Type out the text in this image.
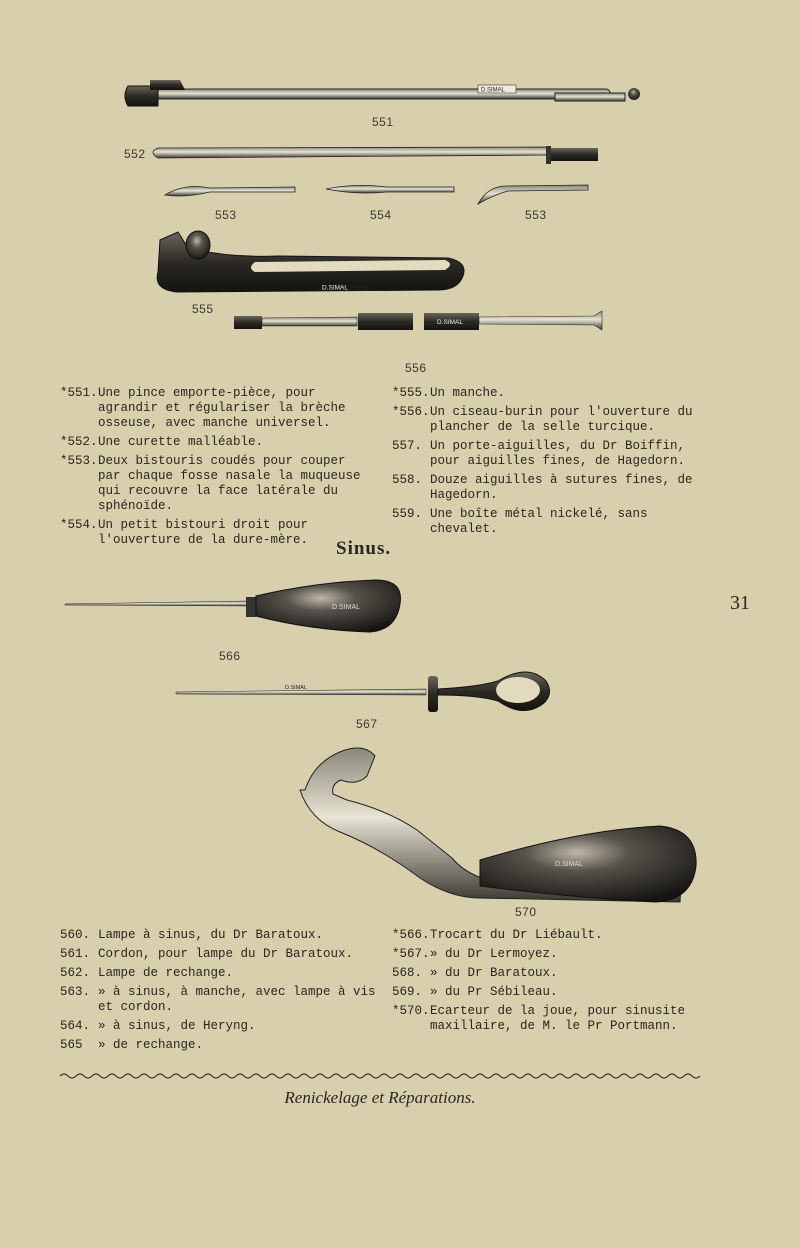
D.SIMAL
551
552
553	554	553
D.SIMAL
555
D.SIMAL
556
D.SIMAL
566
D.SIMAL
567
D.SIMAL
570
*551. Une pince emporte-pièce, pour agrandir et régulariser la brèche osseuse, avec manche universel.
*552. Une curette malléable.
*553. Deux bistouris coudés pour couper par chaque fosse nasale la muqueuse qui recouvre la face latérale du sphénoïde.
*554. Un petit bistouri droit pour l'ouverture de la dure-mère.
*555. Un manche.
*556. Un ciseau-burin pour l'ouverture du plancher de la selle turcique.
557. Un porte-aiguilles, du Dr Boiffin, pour aiguilles fines, de Hagedorn.
558. Douze aiguilles à sutures fines, de Hagedorn.
559. Une boîte métal nickelé, sans chevalet.
Sinus.
31
560. Lampe à sinus, du Dr Baratoux.
561. Cordon, pour lampe du Dr Baratoux.
562. Lampe de rechange.
563. » à sinus, à manche, avec lampe à vis et cordon.
564. » à sinus, de Heryng.
565 » de rechange.
*566. Trocart du Dr Liébault.
*567. » du Dr Lermoyez.
568. » du Dr Baratoux.
569. » du Pr Sébileau.
*570. Ecarteur de la joue, pour sinusite maxillaire, de M. le Pr Portmann.
Renickelage et Réparations.
